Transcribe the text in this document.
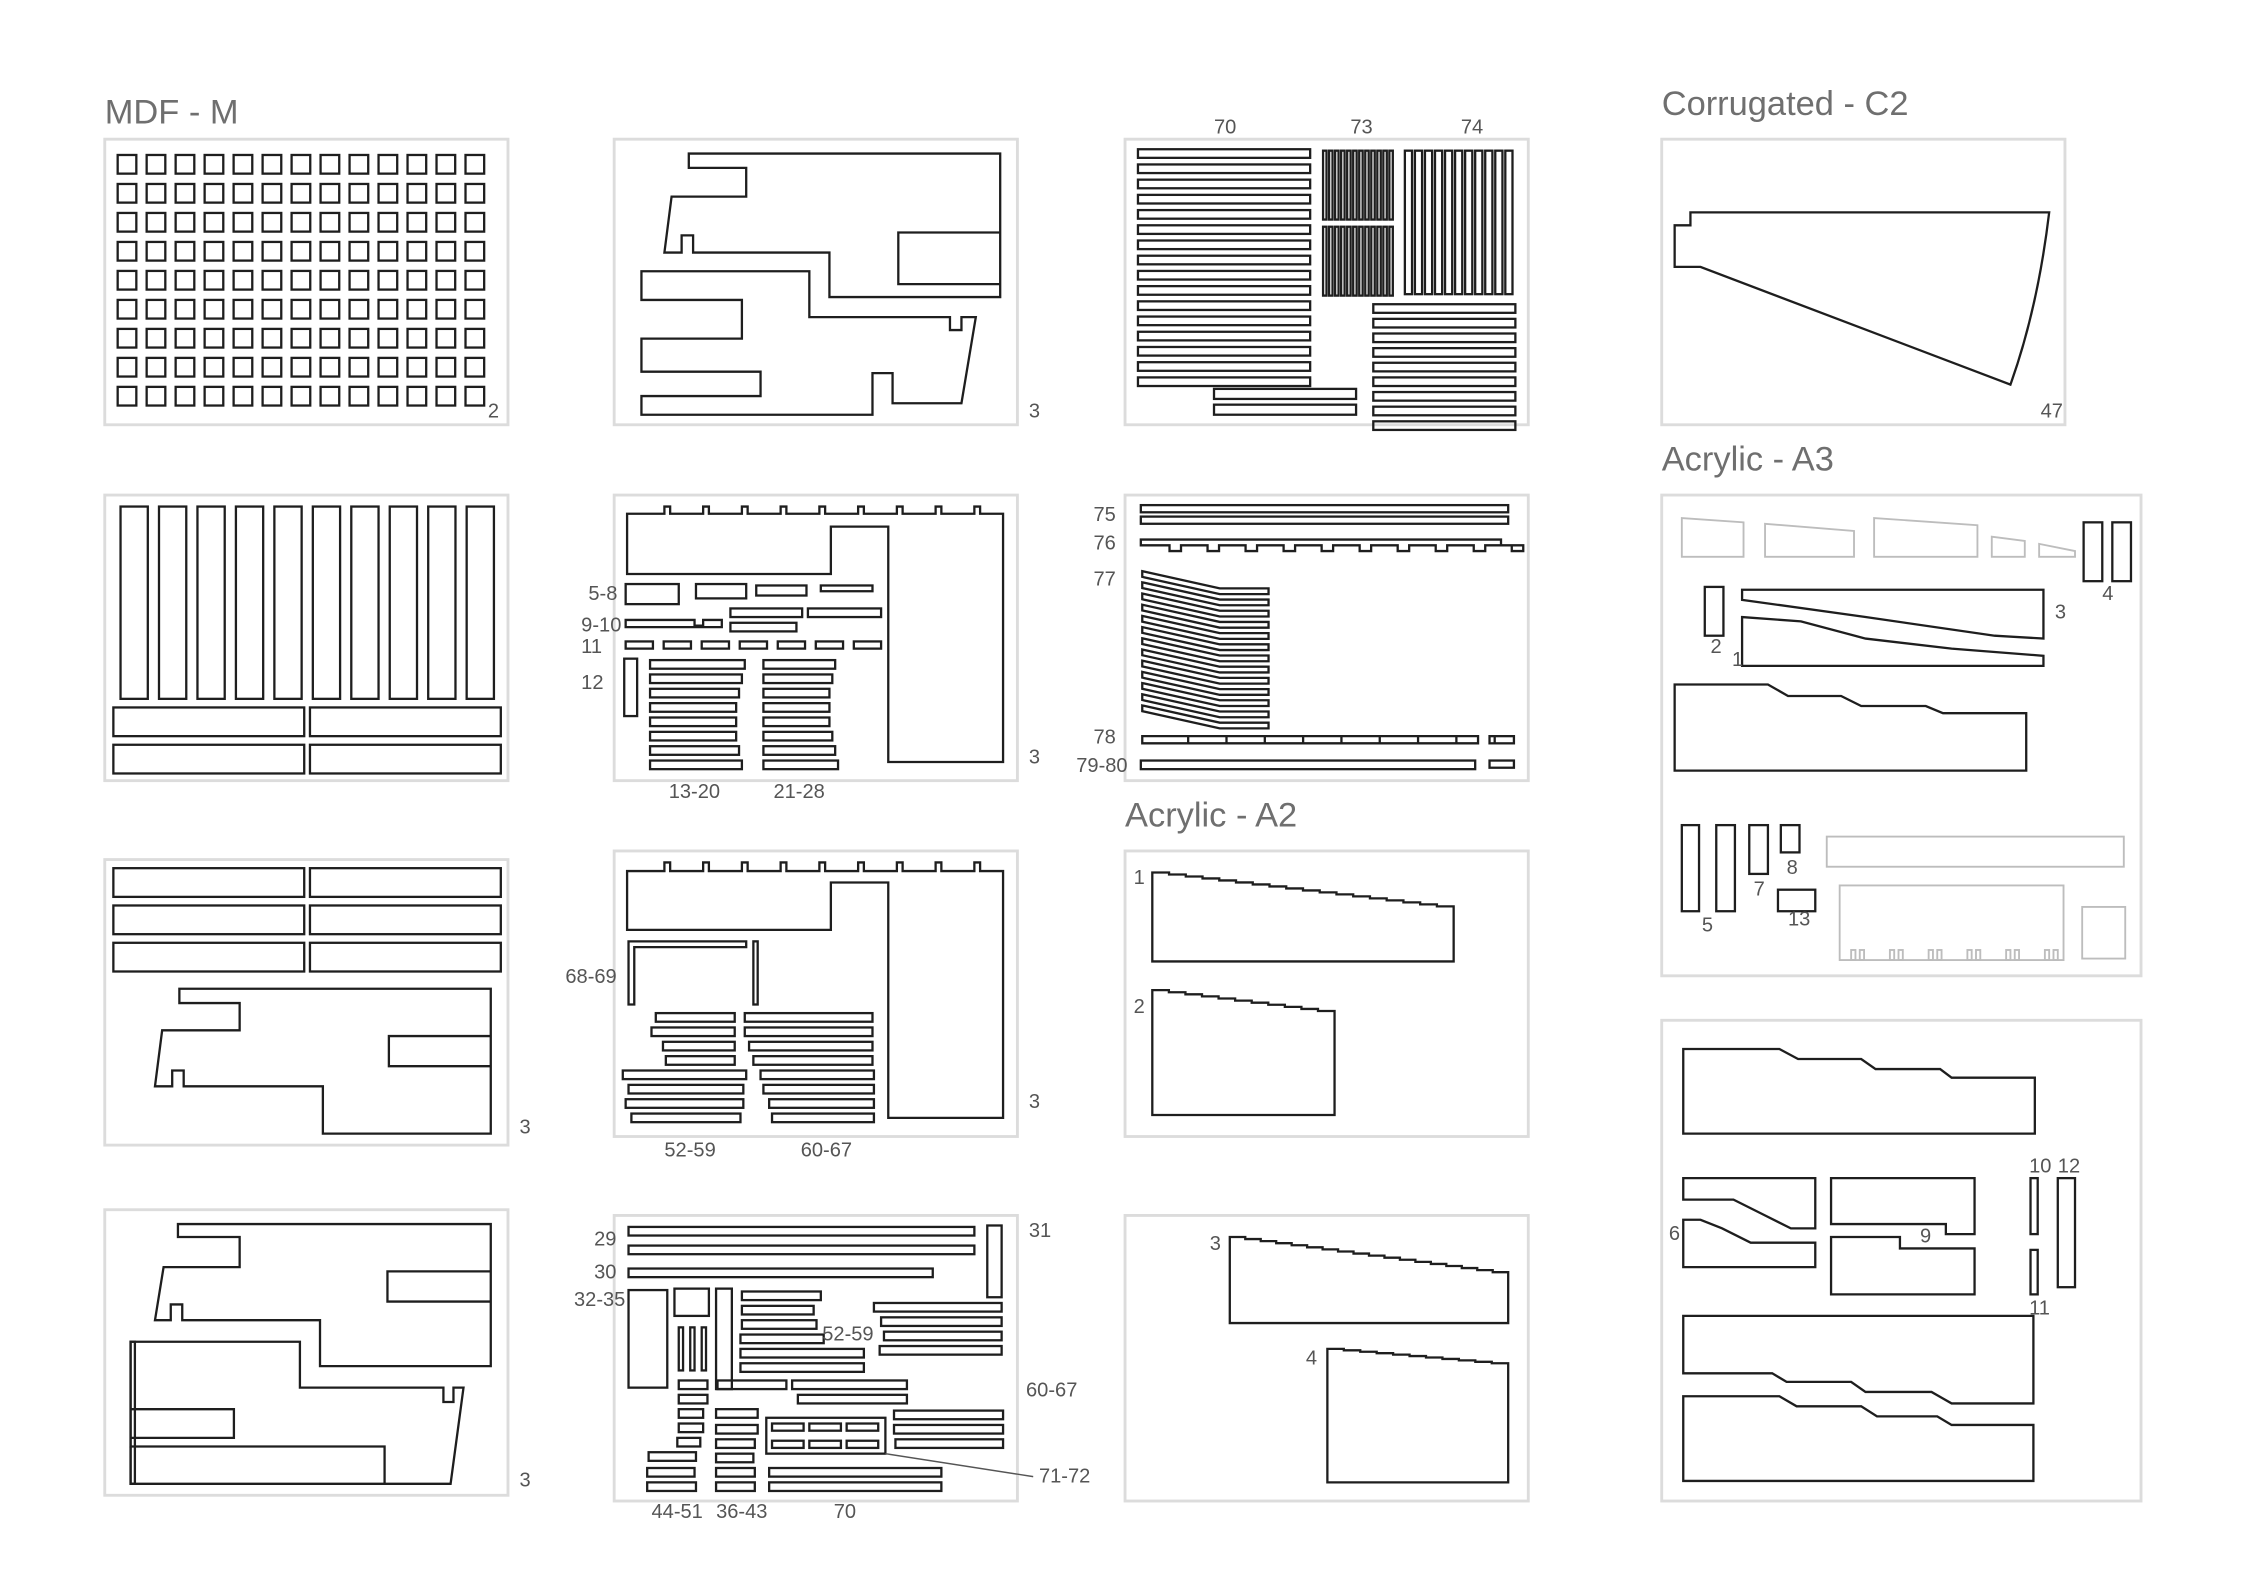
MDF - M	Corrugated - C2
Acrylic - A3
Acrylic - A2
2	3
70	73	74
47
5-8
9-10
11
12
13-20	21-28
3
75
76
77
78
79-80
2
1
3
4
5
7
8
13
3
68-69
52-59	60-67
3
1
2
6	9
10
11
12
3
29
30
31
32-35
52-59
60-67
71-72
44-51 36-43	70
3
4
